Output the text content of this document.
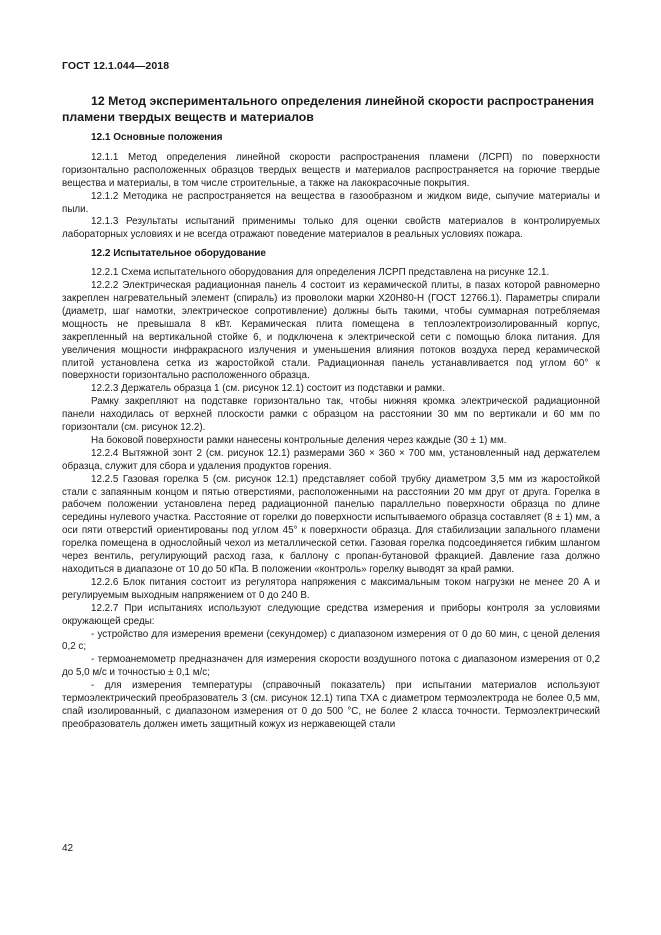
ГОСТ 12.1.044—2018
12 Метод экспериментального определения линейной скорости распространения пламени твердых веществ и материалов
12.1 Основные положения

12.1.1 Метод определения линейной скорости распространения пламени (ЛСРП) по поверхности горизонтально расположенных образцов твердых веществ и материалов распространяется на горючие твердые вещества и материалы, в том числе строительные, а также на лакокрасочные покрытия.

12.1.2 Методика не распространяется на вещества в газообразном и жидком виде, сыпучие материалы и пыли.

12.1.3 Результаты испытаний применимы только для оценки свойств материалов в контролируемых лабораторных условиях и не всегда отражают поведение материалов в реальных условиях пожара.

12.2 Испытательное оборудование

12.2.1 Схема испытательного оборудования для определения ЛСРП представлена на рисунке 12.1.

12.2.2 Электрическая радиационная панель 4 состоит из керамической плиты, в пазах которой равномерно закреплен нагревательный элемент (спираль) из проволоки марки Х20Н80-Н (ГОСТ 12766.1). Параметры спирали (диаметр, шаг намотки, электрическое сопротивление) должны быть такими, чтобы суммарная потребляемая мощность не превышала 8 кВт. Керамическая плита помещена в теплоэлектроизолированный корпус, закрепленный на вертикальной стойке 6, и подключена к электрической сети с помощью блока питания. Для увеличения мощности инфракрасного излучения и уменьшения влияния потоков воздуха перед керамической плитой установлена сетка из жаростойкой стали. Радиационная панель устанавливается под углом 60° к поверхности горизонтально расположенного образца.

12.2.3 Держатель образца 1 (см. рисунок 12.1) состоит из подставки и рамки.

Рамку закрепляют на подставке горизонтально так, чтобы нижняя кромка электрической радиационной панели находилась от верхней плоскости рамки с образцом на расстоянии 30 мм по вертикали и 60 мм по горизонтали (см. рисунок 12.2).

На боковой поверхности рамки нанесены контрольные деления через каждые (30 ± 1) мм.

12.2.4 Вытяжной зонт 2 (см. рисунок 12.1) размерами 360 × 360 × 700 мм, установленный над держателем образца, служит для сбора и удаления продуктов горения.

12.2.5 Газовая горелка 5 (см. рисунок 12.1) представляет собой трубку диаметром 3,5 мм из жаростойкой стали с запаянным концом и пятью отверстиями, расположенными на расстоянии 20 мм друг от друга. Горелка в рабочем положении установлена перед радиационной панелью параллельно поверхности образца по длине середины нулевого участка. Расстояние от горелки до поверхности испытываемого образца составляет (8 ± 1) мм, а оси пяти отверстий ориентированы под углом 45° к поверхности образца. Для стабилизации запального пламени горелка помещена в однослойный чехол из металлической сетки. Газовая горелка подсоединяется гибким шлангом через вентиль, регулирующий расход газа, к баллону с пропан-бутановой фракцией. Давление газа должно находиться в диапазоне от 10 до 50 кПа. В положении «контроль» горелку выводят за край рамки.

12.2.6 Блок питания состоит из регулятора напряжения с максимальным током нагрузки не менее 20 А и регулируемым выходным напряжением от 0 до 240 В.

12.2.7 При испытаниях используют следующие средства измерения и приборы контроля за условиями окружающей среды:

- устройство для измерения времени (секундомер) с диапазоном измерения от 0 до 60 мин, с ценой деления 0,2 с;

- термоанемометр предназначен для измерения скорости воздушного потока с диапазоном измерения от 0,2 до 5,0 м/с и точностью ± 0,1 м/с;

- для измерения температуры (справочный показатель) при испытании материалов используют термоэлектрический преобразователь 3 (см. рисунок 12.1) типа ТХА с диаметром термоэлектрода не более 0,5 мм, спай изолированный, с диапазоном измерения от 0 до 500 °С, не более 2 класса точности. Термоэлектрический преобразователь должен иметь защитный кожух из нержавеющей стали

42
